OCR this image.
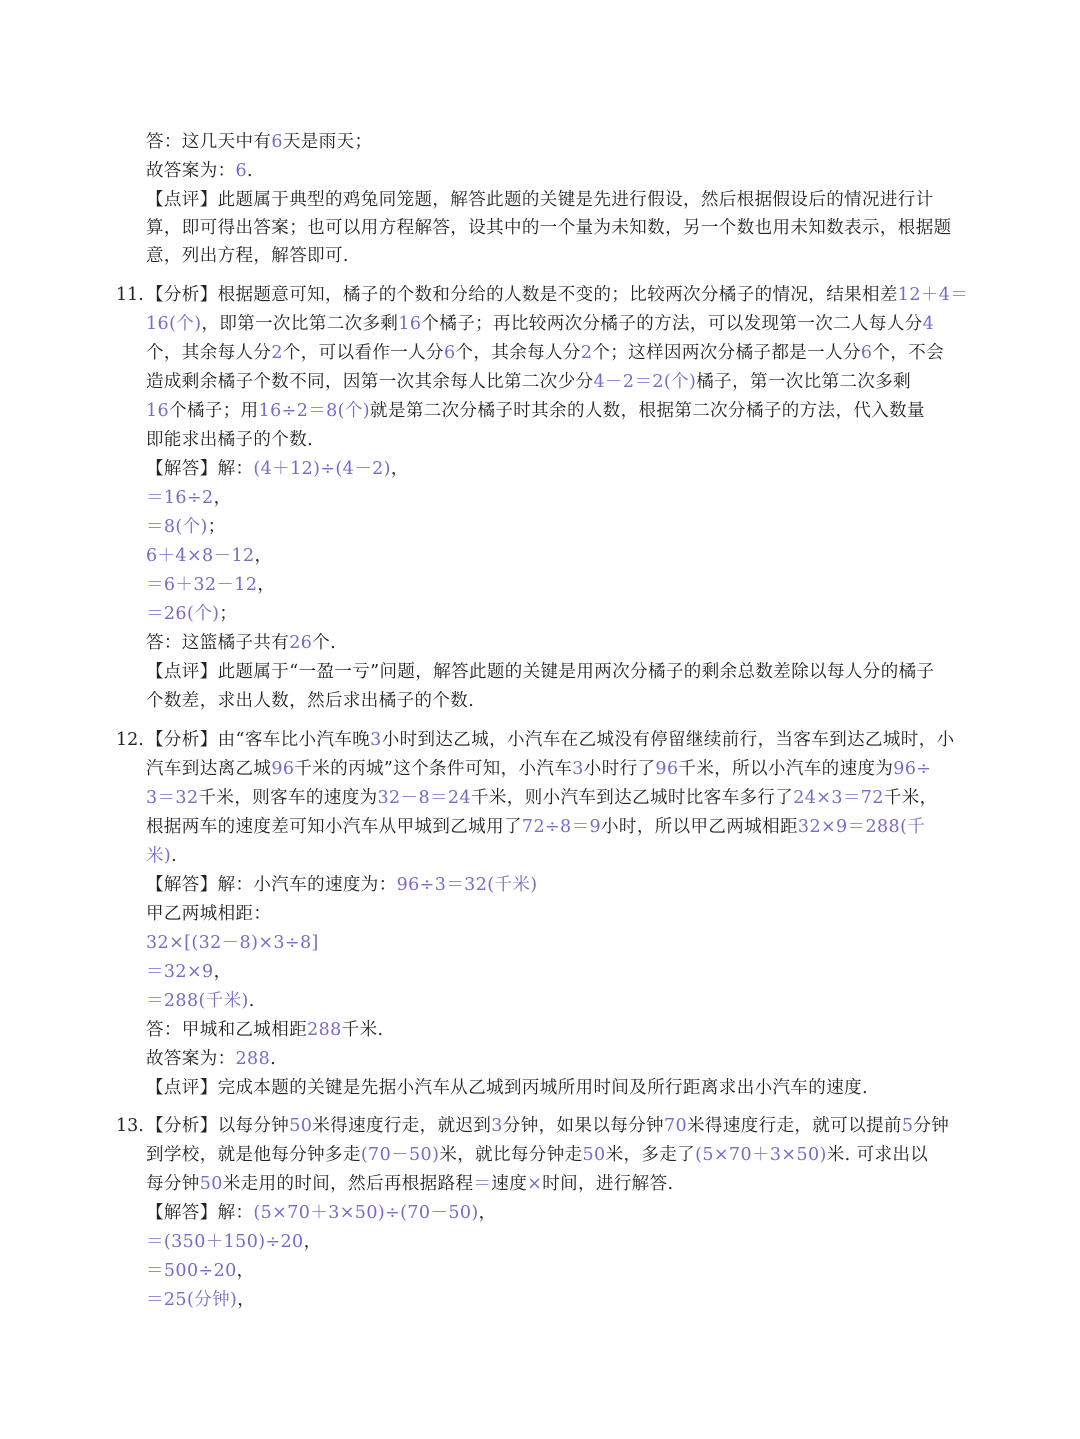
答：这几天中有6天是雨天；
故答案为：6.
【点评】此题属于典型的鸡兔同笼题，解答此题的关键是先进行假设，然后根据假设后的情况进行计
算，即可得出答案；也可以用方程解答，设其中的一个量为未知数，另一个数也用未知数表示，根据题
意，列出方程，解答即可.
11. 【分析】根据题意可知，橘子的个数和分给的人数是不变的；比较两次分橘子的情况，结果相差12＋4＝
16(个)，即第一次比第二次多剩16个橘子；再比较两次分橘子的方法，可以发现第一次二人每人分4
个，其余每人分2个，可以看作一人分6个，其余每人分2个；这样因两次分橘子都是一人分6个，不会
造成剩余橘子个数不同，因第一次其余每人比第二次少分4－2＝2(个)橘子，第一次比第二次多剩
16个橘子；用16÷2＝8(个)就是第二次分橘子时其余的人数，根据第二次分橘子的方法，代入数量
即能求出橘子的个数.
【解答】解：(4＋12)÷(4－2)，
＝16÷2，
＝8(个)；
6＋4×8－12，
＝6＋32－12，
＝26(个)；
答：这篮橘子共有26个.
【点评】此题属于“一盈一亏”问题，解答此题的关键是用两次分橘子的剩余总数差除以每人分的橘子
个数差，求出人数，然后求出橘子的个数.
12. 【分析】由“客车比小汽车晚3小时到达乙城，小汽车在乙城没有停留继续前行，当客车到达乙城时，小
汽车到达离乙城96千米的丙城”这个条件可知，小汽车3小时行了96千米，所以小汽车的速度为96÷
3＝32千米，则客车的速度为32－8＝24千米，则小汽车到达乙城时比客车多行了24×3＝72千米，
根据两车的速度差可知小汽车从甲城到乙城用了72÷8＝9小时，所以甲乙两城相距32×9＝288(千
米).
【解答】解：小汽车的速度为：96÷3＝32(千米)
甲乙两城相距：
32×[(32－8)×3÷8]
＝32×9，
＝288(千米).
答：甲城和乙城相距288千米.
故答案为：288.
【点评】完成本题的关键是先据小汽车从乙城到丙城所用时间及所行距离求出小汽车的速度.
13. 【分析】以每分钟50米得速度行走，就迟到3分钟，如果以每分钟70米得速度行走，就可以提前5分钟
到学校，就是他每分钟多走(70－50)米，就比每分钟走50米，多走了(5×70＋3×50)米. 可求出以
每分钟50米走用的时间，然后再根据路程＝速度×时间，进行解答.
【解答】解：(5×70＋3×50)÷(70－50)，
＝(350＋150)÷20，
＝500÷20，
＝25(分钟)，
